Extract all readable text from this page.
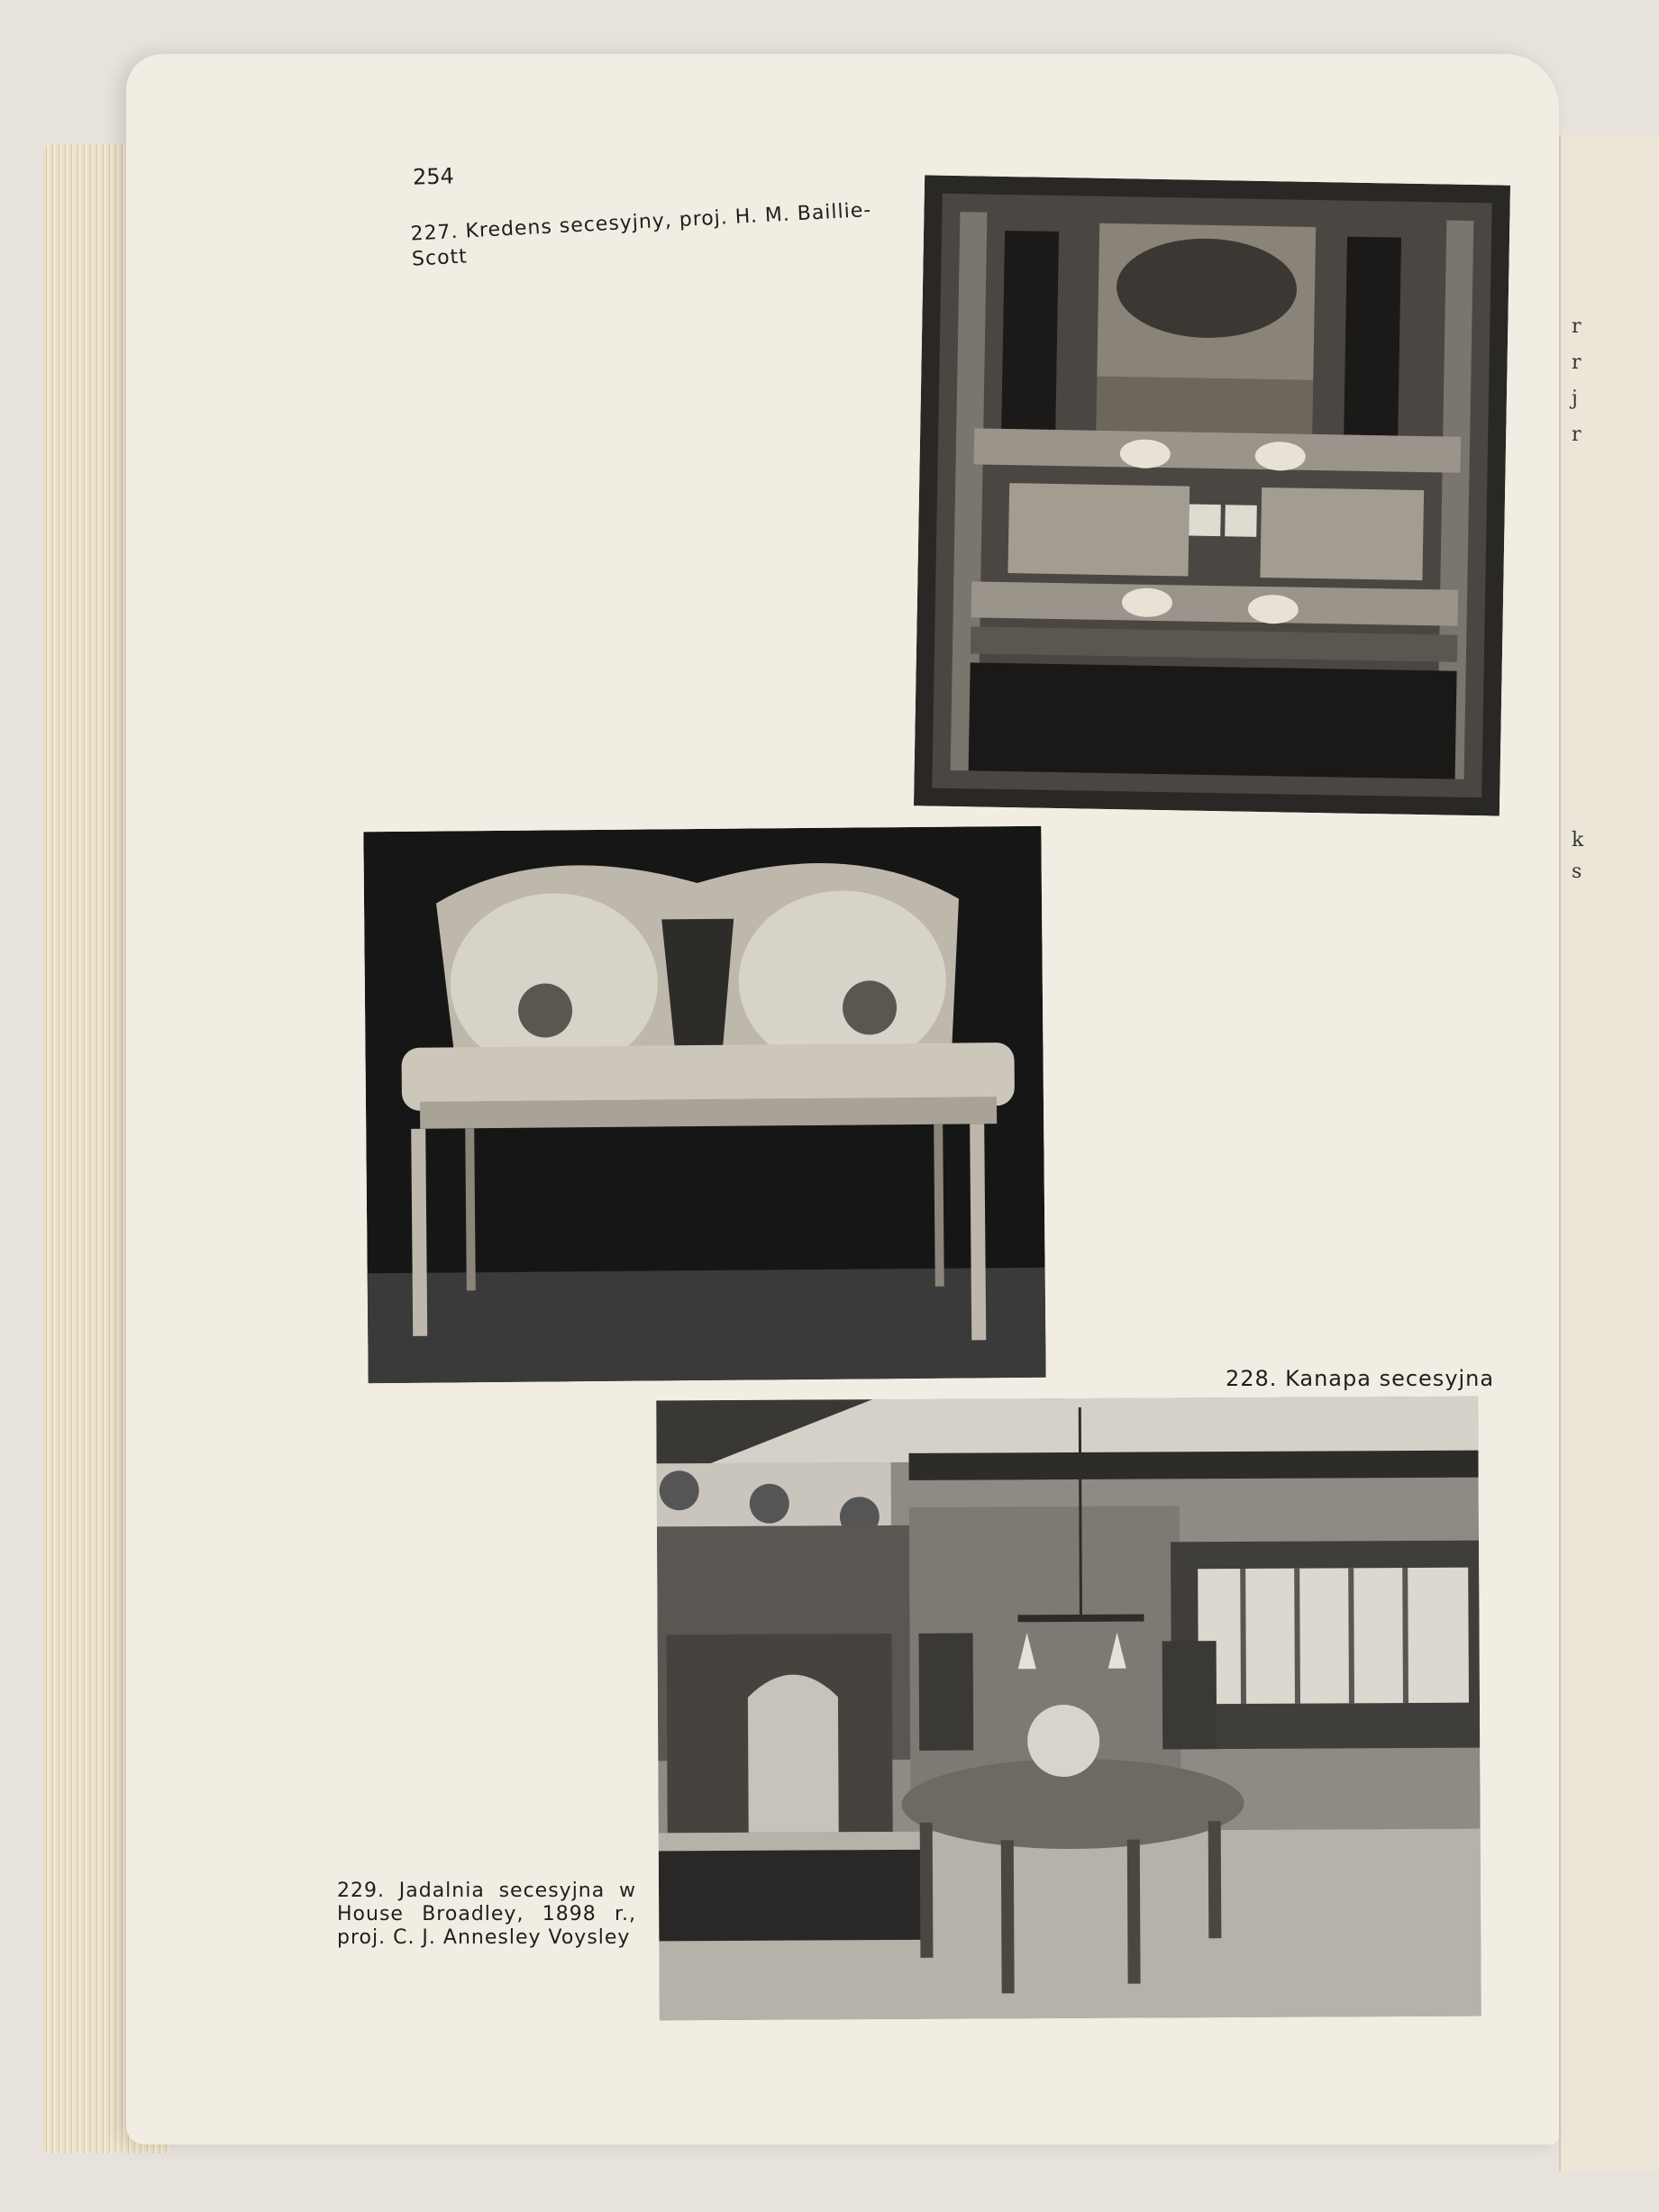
r
r
j
r
k
s
254
227. Kredens secesyjny, proj. H. M. Baillie-Scott
228. Kanapa secesyjna
229. Jadalnia secesyjna w House Broadley, 1898 r., proj. C. J. Annesley Voysley
